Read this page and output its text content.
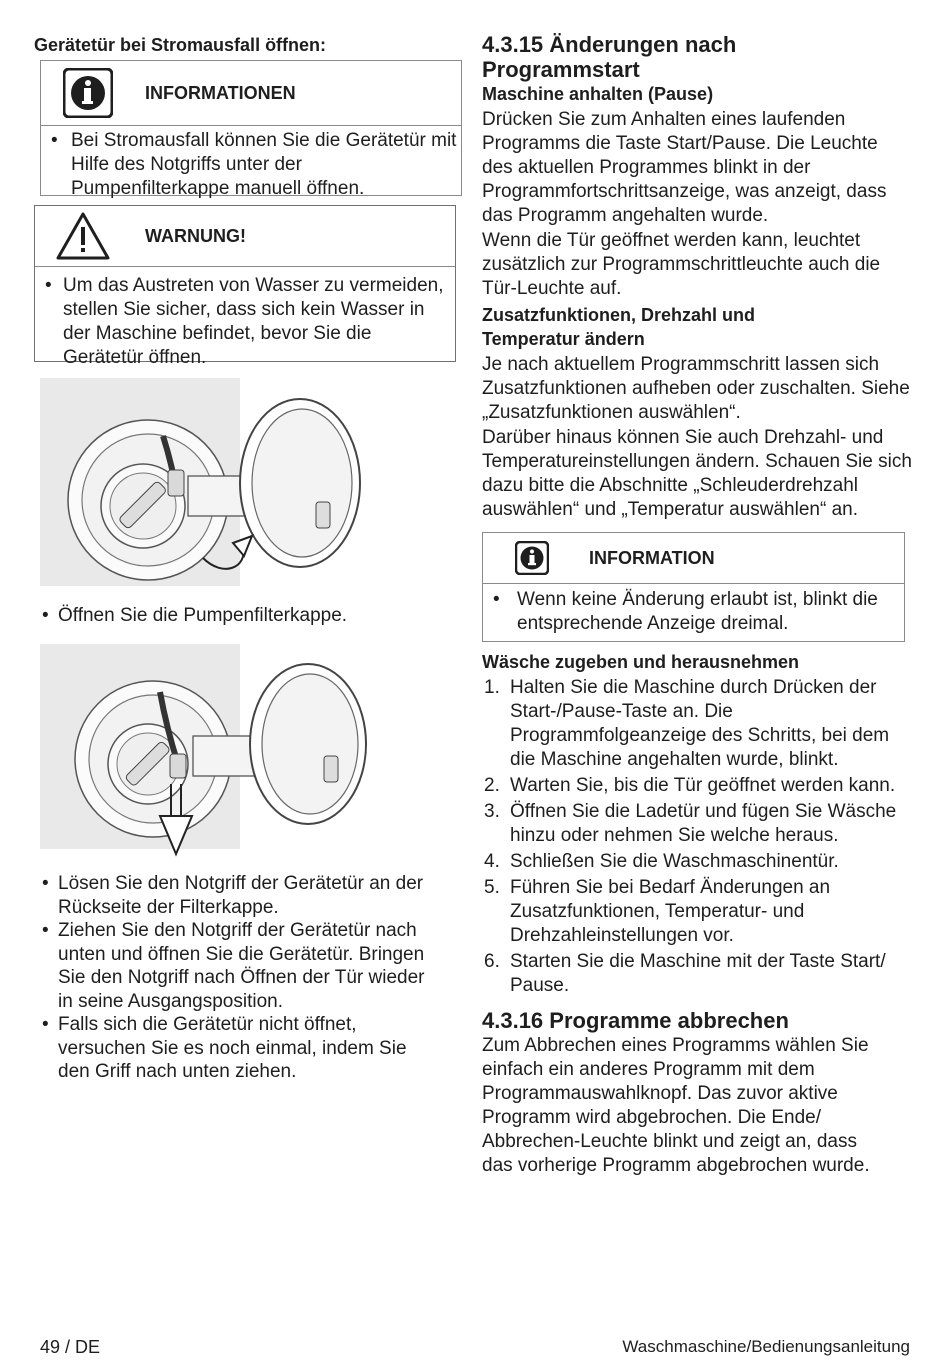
Gerätetür bei Stromausfall öffnen:
INFORMATIONEN
• Bei Stromausfall können Sie die Gerätetür mit Hilfe des Notgriffs unter der Pumpenfilterkappe manuell öffnen.
WARNUNG!
• Um das Austreten von Wasser zu vermeiden, stellen Sie sicher, dass sich kein Wasser in der Maschine befindet, bevor Sie die Gerätetür öffnen.
• Öffnen Sie die Pumpenfilterkappe.
• Lösen Sie den Notgriff der Gerätetür an der Rückseite der Filterkappe.
• Ziehen Sie den Notgriff der Gerätetür nach unten und öffnen Sie die Gerätetür. Bringen Sie den Notgriff nach Öffnen der Tür wieder in seine Ausgangsposition.
• Falls sich die Gerätetür nicht öffnet, versuchen Sie es noch einmal, indem Sie den Griff nach unten ziehen.
4.3.15 Änderungen nach Programmstart
Maschine anhalten (Pause)

Drücken Sie zum Anhalten eines laufenden Programms die Taste Start/Pause. Die Leuchte des aktuellen Programmes blinkt in der Programmfortschrittsanzeige, was anzeigt, dass das Programm angehalten wurde.

Wenn die Tür geöffnet werden kann, leuchtet zusätzlich zur Programmschrittleuchte auch die Tür-Leuchte auf.

Zusatzfunktionen, Drehzahl und Temperatur ändern

Je nach aktuellem Programmschritt lassen sich Zusatzfunktionen aufheben oder zuschalten. Siehe „Zusatzfunktionen auswählen“.

Darüber hinaus können Sie auch Drehzahl- und Temperatureinstellungen ändern. Schauen Sie sich dazu bitte die Abschnitte „Schleuderdrehzahl auswählen“ und „Temperatur auswählen“ an.

INFORMATION
• Wenn keine Änderung erlaubt ist, blinkt die entsprechende Anzeige dreimal.
Wäsche zugeben und herausnehmen
1. Halten Sie die Maschine durch Drücken der Start-/Pause-Taste an. Die Programmfolgeanzeige des Schritts, bei dem die Maschine angehalten wurde, blinkt.
2. Warten Sie, bis die Tür geöffnet werden kann.
3. Öffnen Sie die Ladetür und fügen Sie Wäsche hinzu oder nehmen Sie welche heraus.
4. Schließen Sie die Waschmaschinentür.
5. Führen Sie bei Bedarf Änderungen an Zusatzfunktionen, Temperatur- und Drehzahleinstellungen vor.
6. Starten Sie die Maschine mit der Taste Start/ Pause.
4.3.16 Programme abbrechen

Zum Abbrechen eines Programms wählen Sie einfach ein anderes Programm mit dem Programmauswahlknopf. Das zuvor aktive Programm wird abgebrochen. Die Ende/ Abbrechen-Leuchte blinkt und zeigt an, dass das vorherige Programm abgebrochen wurde.

49 / DE	Waschmaschine/Bedienungsanleitung
